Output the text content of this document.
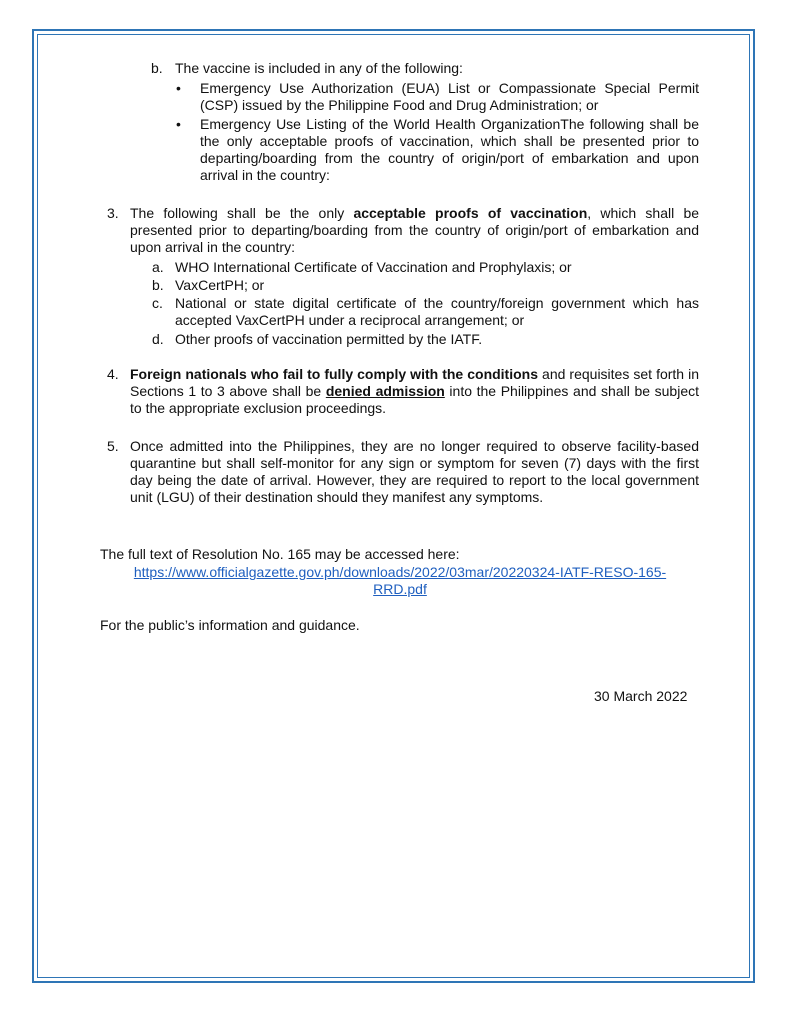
b. The vaccine is included in any of the following:
• Emergency Use Authorization (EUA) List or Compassionate Special Permit (CSP) issued by the Philippine Food and Drug Administration; or
• Emergency Use Listing of the World Health OrganizationThe following shall be the only acceptable proofs of vaccination, which shall be presented prior to departing/boarding from the country of origin/port of embarkation and upon arrival in the country:
3. The following shall be the only acceptable proofs of vaccination, which shall be presented prior to departing/boarding from the country of origin/port of embarkation and upon arrival in the country:
a. WHO International Certificate of Vaccination and Prophylaxis; or
b. VaxCertPH; or
c. National or state digital certificate of the country/foreign government which has accepted VaxCertPH under a reciprocal arrangement; or
d. Other proofs of vaccination permitted by the IATF.
4. Foreign nationals who fail to fully comply with the conditions and requisites set forth in Sections 1 to 3 above shall be denied admission into the Philippines and shall be subject to the appropriate exclusion proceedings.
5. Once admitted into the Philippines, they are no longer required to observe facility-based quarantine but shall self-monitor for any sign or symptom for seven (7) days with the first day being the date of arrival. However, they are required to report to the local government unit (LGU) of their destination should they manifest any symptoms.
The full text of Resolution No. 165 may be accessed here:
https://www.officialgazette.gov.ph/downloads/2022/03mar/20220324-IATF-RESO-165-
RRD.pdf
For the public’s information and guidance.
30 March 2022
